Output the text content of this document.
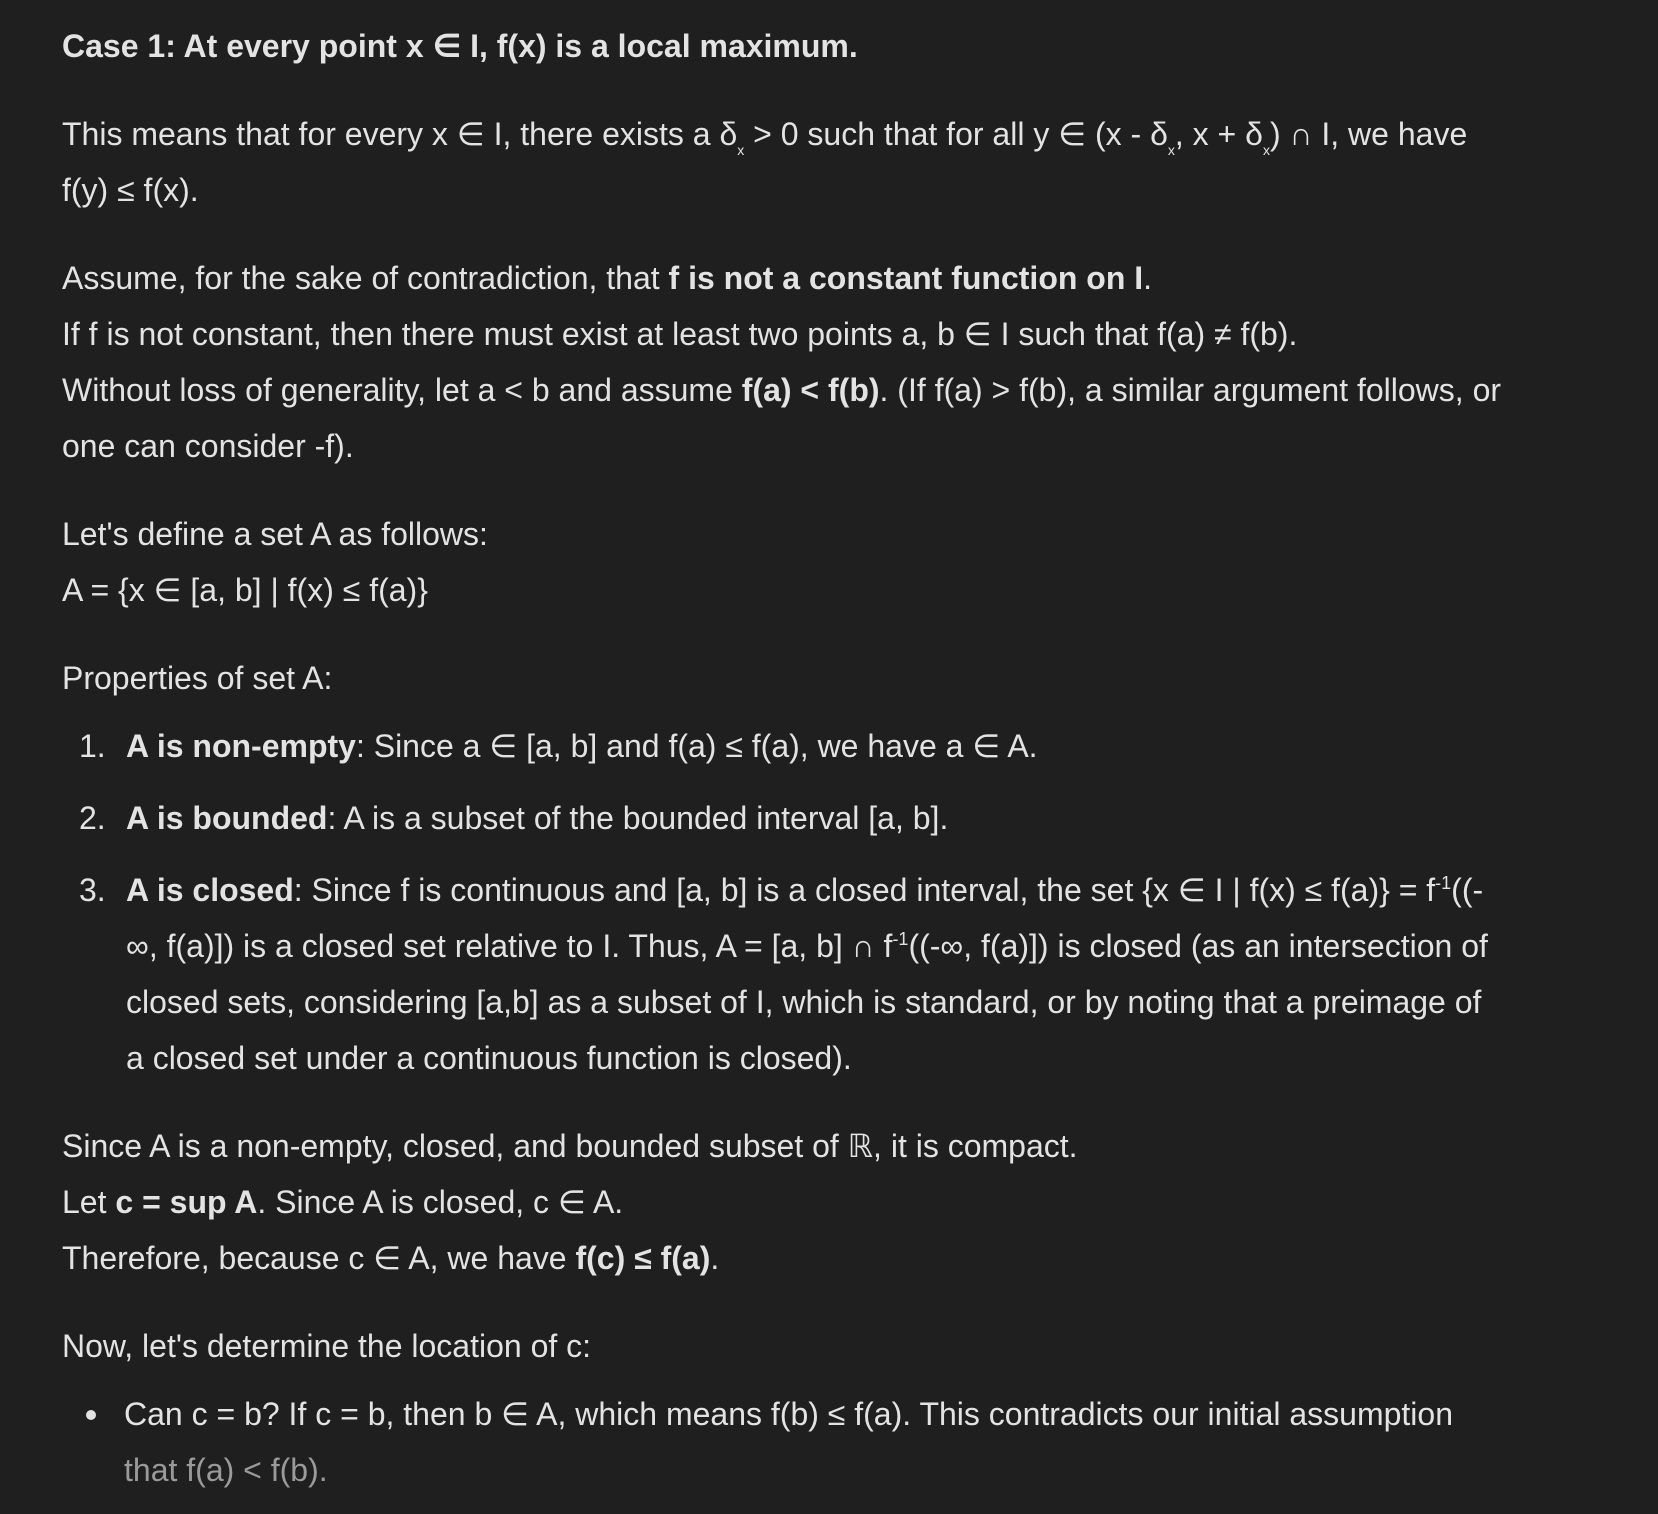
Case 1: At every point x ∈ I, f(x) is a local maximum.

This means that for every x ∈ I, there exists a $\delta_x > 0$ such that for all y ∈ ($x - \delta_x$, $x + \delta_x$) ∩ I, we have f(y) ≤ f(x).

Assume, for the sake of contradiction, that f is not a constant function on I.

If f is not constant, then there must exist at least two points a, b ∈ I such that f(a) ≠ f(b).

Without loss of generality, let a < b and assume f(a) < f(b). (If f(a) > f(b), a similar argument follows, or one can consider -f).

Let's define a set A as follows:

A = {x ∈ [a, b] | f(x) ≤ f(a)}

Properties of set A:

1. A is non-empty: Since a ∈ [a, b] and f(a) ≤ f(a), we have a ∈ A.
2. A is bounded: A is a subset of the bounded interval [a, b].
3. A is closed: Since f is continuous and [a, b] is a closed interval, the set {x ∈ I | $f(x) \le f(a)\} = f^{-1}((-\infty$, f(a)]) is a closed set relative to I. Thus, A = [a, b] ∩ $f^{-1}((-\infty$, f(a)]) is closed (as an intersection of closed sets, considering [a,b] as a subset of I, which is standard, or by noting that a preimage of a closed set under a continuous function is closed).

Since A is a non-empty, closed, and bounded subset of ℝ, it is compact.

Let c = sup A. Since A is closed, c ∈ A.

Therefore, because c ∈ A, we have f(c) ≤ f(a).

Now, let's determine the location of c:

Can c = b? If c = b, then b ∈ A, which means f(b) ≤ f(a). This contradicts our initial assumption that f(a) < f(b).
